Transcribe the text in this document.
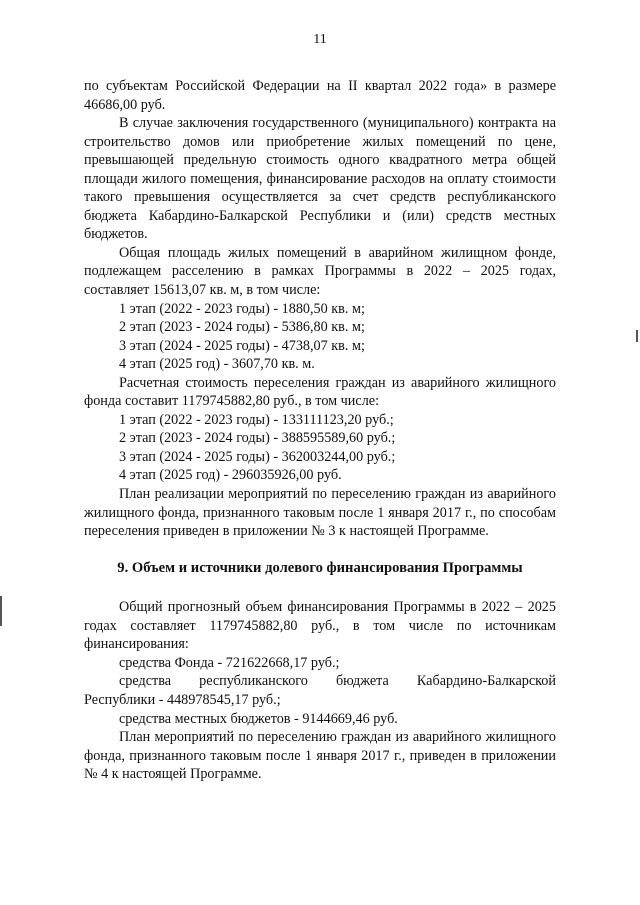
11

по субъектам Российской Федерации на II квартал 2022 года» в размере 46686,00 руб.

В случае заключения государственного (муниципального) контракта на строительство домов или приобретение жилых помещений по цене, превышающей предельную стоимость одного квадратного метра общей площади жилого помещения, финансирование расходов на оплату стоимости такого превышения осуществляется за счет средств республиканского бюджета Кабардино-Балкарской Республики и (или) средств местных бюджетов.

Общая площадь жилых помещений в аварийном жилищном фонде, подлежащем расселению в рамках Программы в 2022 – 2025 годах, составляет 15613,07 кв. м, в том числе:

1 этап (2022 - 2023 годы) - 1880,50 кв. м;

2 этап (2023 - 2024 годы) - 5386,80 кв. м;

3 этап (2024 - 2025 годы) - 4738,07 кв. м;

4 этап (2025 год) - 3607,70 кв. м.

Расчетная стоимость переселения граждан из аварийного жилищного фонда составит 1179745882,80 руб., в том числе:

1 этап (2022 - 2023 годы) - 133111123,20 руб.;

2 этап (2023 - 2024 годы) - 388595589,60 руб.;

3 этап (2024 - 2025 годы) - 362003244,00 руб.;

4 этап (2025 год) - 296035926,00 руб.

План реализации мероприятий по переселению граждан из аварийного жилищного фонда, признанного таковым после 1 января 2017 г., по способам переселения приведен в приложении № 3 к настоящей Программе.

9. Объем и источники долевого финансирования Программы

Общий прогнозный объем финансирования Программы в 2022 – 2025 годах составляет 1179745882,80 руб., в том числе по источникам финансирования:

средства Фонда - 721622668,17 руб.;

средства республиканского бюджета Кабардино-Балкарской Республики - 448978545,17 руб.;

средства местных бюджетов - 9144669,46 руб.

План мероприятий по переселению граждан из аварийного жилищного фонда, признанного таковым после 1 января 2017 г., приведен в приложении № 4 к настоящей Программе.
